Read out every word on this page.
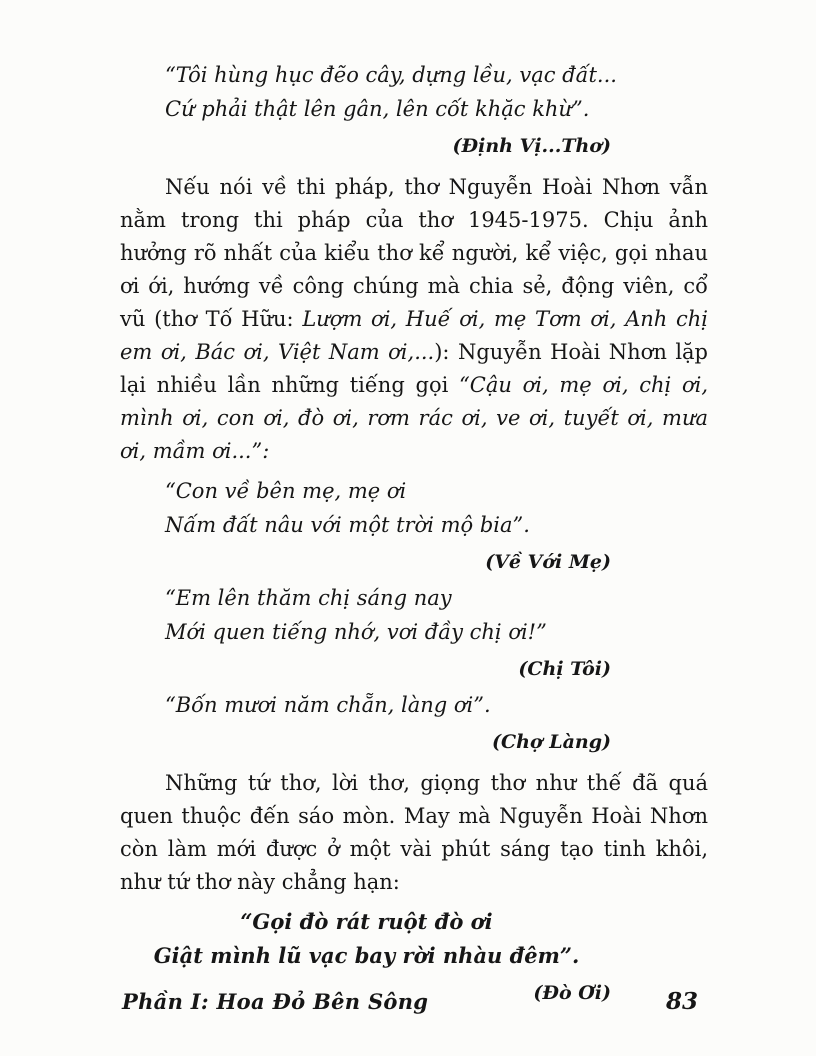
“Tôi hùng hục đẽo cây, dựng lều, vạc đất...
Cứ phải thật lên gân, lên cốt khặc khừ”.
(Định Vị...Thơ)
Nếu nói về thi pháp, thơ Nguyễn Hoài Nhơn vẫn nằm trong thi pháp của thơ 1945-1975. Chịu ảnh hưởng rõ nhất của kiểu thơ kể người, kể việc, gọi nhau ơi ới, hướng về công chúng mà chia sẻ, động viên, cổ vũ (thơ Tố Hữu: Lượm ơi, Huế ơi, mẹ Tơm ơi, Anh chị em ơi, Bác ơi, Việt Nam ơi,...): Nguyễn Hoài Nhơn lặp lại nhiều lần những tiếng gọi “Cậu ơi, mẹ ơi, chị ơi, mình ơi, con ơi, đò ơi, rơm rác ơi, ve ơi, tuyết ơi, mưa ơi, mầm ơi...”:
“Con về bên mẹ, mẹ ơi
Nấm đất nâu với một trời mộ bia”.
(Về Với Mẹ)
“Em lên thăm chị sáng nay
Mới quen tiếng nhớ, vơi đầy chị ơi!”
(Chị Tôi)
“Bốn mươi năm chẵn, làng ơi”.
(Chợ Làng)
Những tứ thơ, lời thơ, giọng thơ như thế đã quá quen thuộc đến sáo mòn. May mà Nguyễn Hoài Nhơn còn làm mới được ở một vài phút sáng tạo tinh khôi, như tứ thơ này chẳng hạn:
“Gọi đò rát ruột đò ơi
Giật mình lũ vạc bay rời nhàu đêm”.
(Đò Ơi)
Phần I: Hoa Đỏ Bên Sông	83
